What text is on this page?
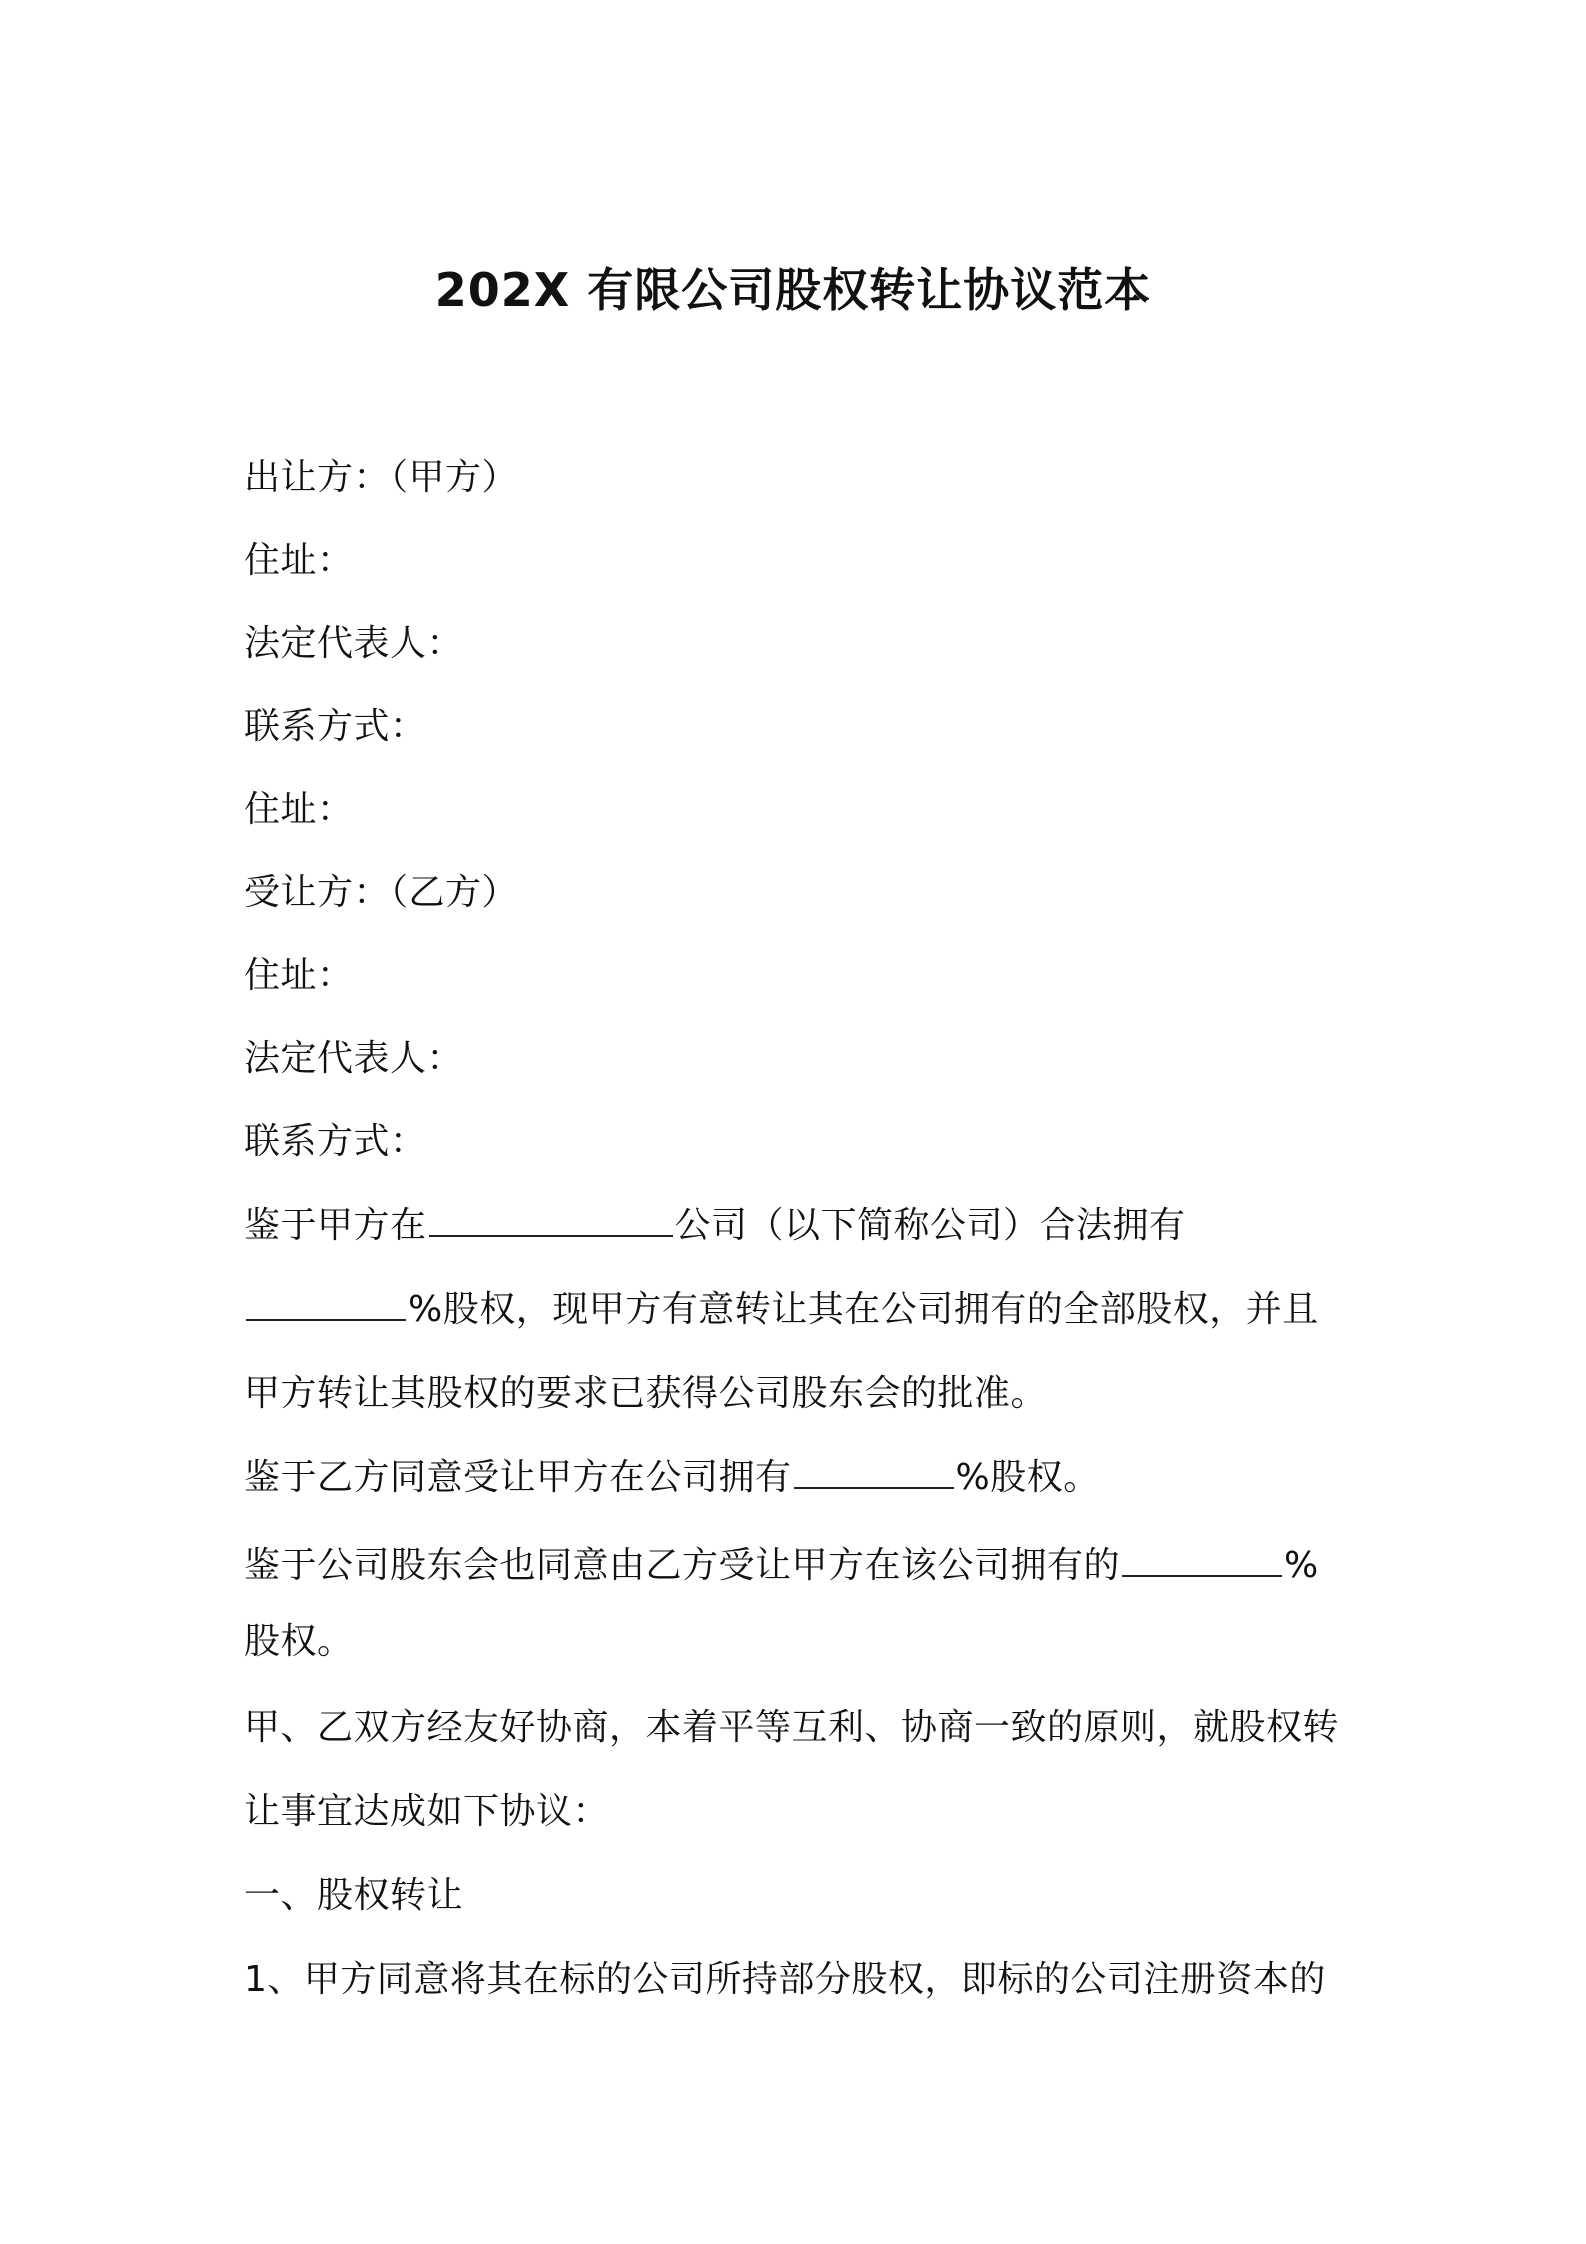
202X 有限公司股权转让协议范本
出让方：（甲方）
住址：
法定代表人：
联系方式：
住址：
受让方：（乙方）
住址：
法定代表人：
联系方式：
鉴于甲方在	公司（以下简称公司）合法拥有
%股权，现甲方有意转让其在公司拥有的全部股权，并且
甲方转让其股权的要求已获得公司股东会的批准。
鉴于乙方同意受让甲方在公司拥有	%股权。
鉴于公司股东会也同意由乙方受让甲方在该公司拥有的	%
股权。
甲、乙双方经友好协商，本着平等互利、协商一致的原则，就股权转
让事宜达成如下协议：
一、股权转让
1、甲方同意将其在标的公司所持部分股权，即标的公司注册资本的
